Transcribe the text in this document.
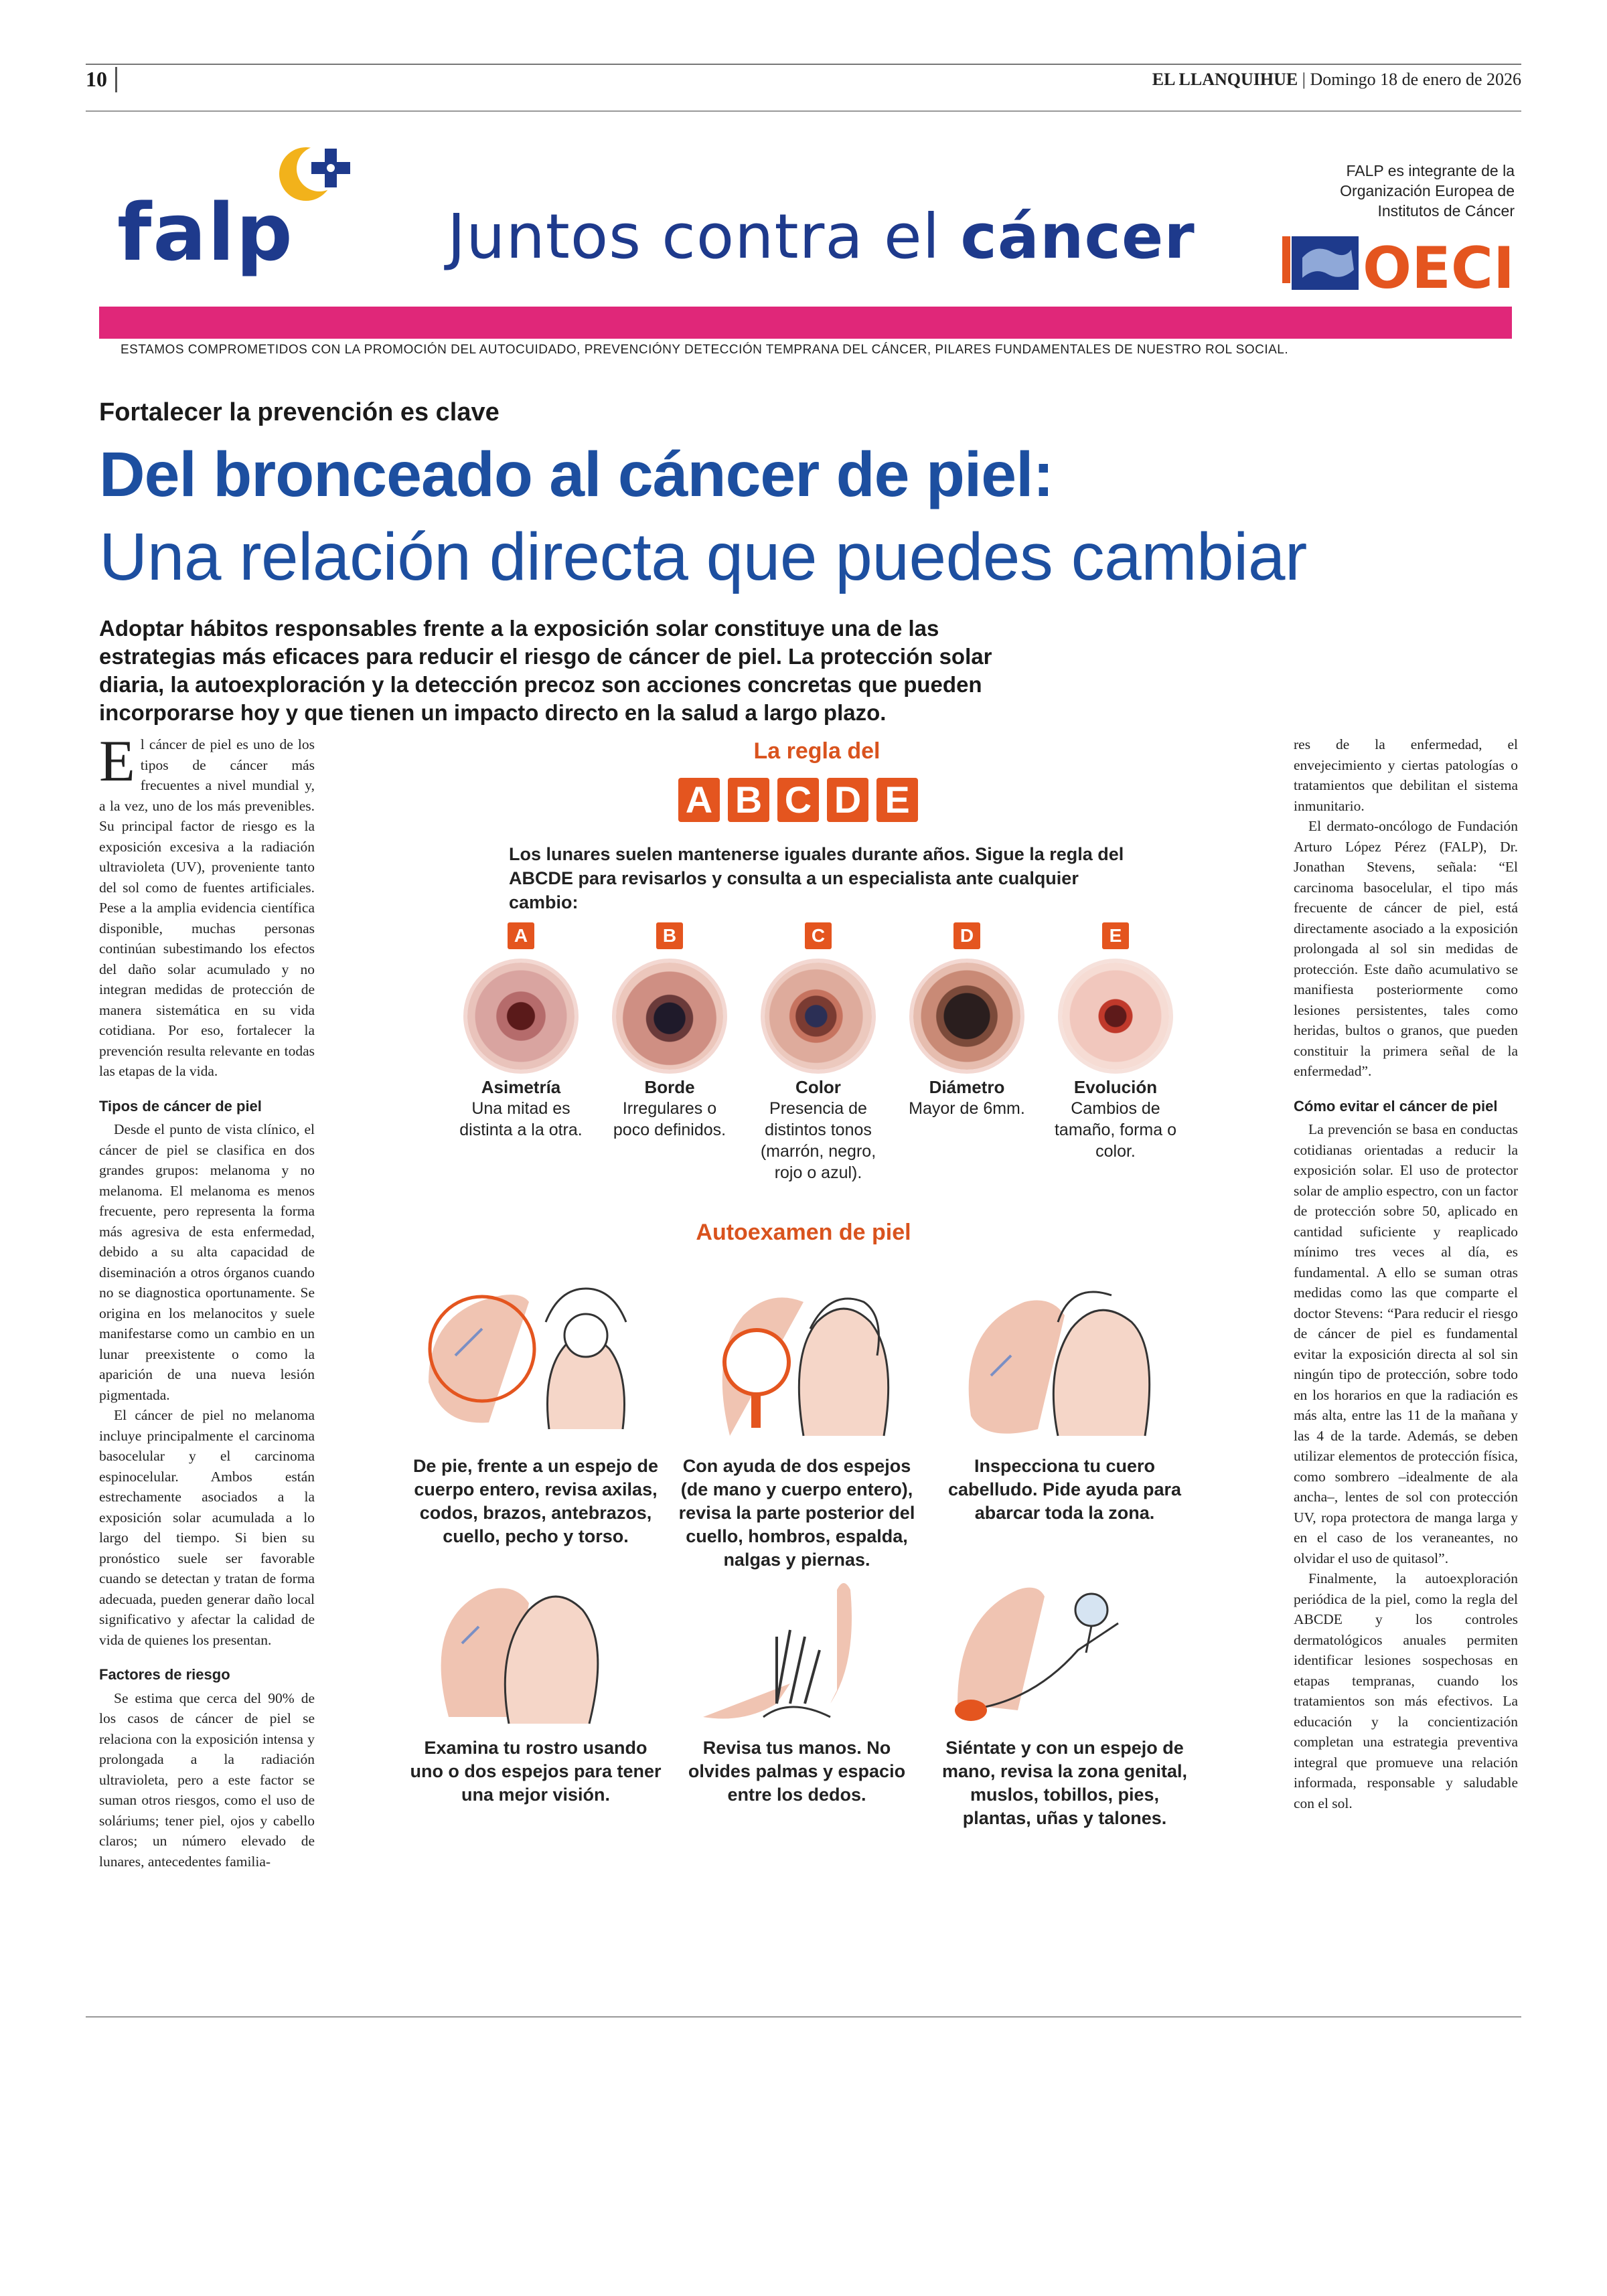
10	EL LLANQUIHUE | Domingo 18 de enero de 2026
falp Juntos contra el cáncer
FALP es integrante de la Organización Europea de Institutos de Cáncer
OECI
ESTAMOS COMPROMETIDOS CON LA PROMOCIÓN DEL AUTOCUIDADO, PREVENCIÓNY DETECCIÓN TEMPRANA DEL CÁNCER, PILARES FUNDAMENTALES DE NUESTRO ROL SOCIAL.
Fortalecer la prevención es clave
Del bronceado al cáncer de piel:
Una relación directa que puedes cambiar
Adoptar hábitos responsables frente a la exposición solar constituye una de las estrategias más eficaces para reducir el riesgo de cáncer de piel. La protección solar diaria, la autoexploración y la detección precoz son acciones concretas que pueden incorporarse hoy y que tienen un impacto directo en la salud a largo plazo.

El cáncer de piel es uno de los tipos de cáncer más frecuentes a nivel mundial y, a la vez, uno de los más prevenibles. Su principal factor de riesgo es la exposición excesiva a la radiación ultravioleta (UV), proveniente tanto del sol como de fuentes artificiales. Pese a la amplia evidencia científica disponible, muchas personas continúan subestimando los efectos del daño solar acumulado y no integran medidas de protección de manera sistemática en su vida cotidiana. Por eso, fortalecer la prevención resulta relevante en todas las etapas de la vida.

Tipos de cáncer de piel

Desde el punto de vista clínico, el cáncer de piel se clasifica en dos grandes grupos: melanoma y no melanoma. El melanoma es menos frecuente, pero representa la forma más agresiva de esta enfermedad, debido a su alta capacidad de diseminación a otros órganos cuando no se diagnostica oportunamente. Se origina en los melanocitos y suele manifestarse como un cambio en un lunar preexistente o como la aparición de una nueva lesión pigmentada.

El cáncer de piel no melanoma incluye principalmente el carcinoma basocelular y el carcinoma espinocelular. Ambos están estrechamente asociados a la exposición solar acumulada a lo largo del tiempo. Si bien su pronóstico suele ser favorable cuando se detectan y tratan de forma adecuada, pueden generar daño local significativo y afectar la calidad de vida de quienes los presentan.

Factores de riesgo

Se estima que cerca del 90% de los casos de cáncer de piel se relaciona con la exposición intensa y prolongada a la radiación ultravioleta, pero a este factor se suman otros riesgos, como el uso de soláriums; tener piel, ojos y cabello claros; un número elevado de lunares, antecedentes familia-

res de la enfermedad, el envejecimiento y ciertas patologías o tratamientos que debilitan el sistema inmunitario.

El dermato-oncólogo de Fundación Arturo López Pérez (FALP), Dr. Jonathan Stevens, señala: “El carcinoma basocelular, el tipo más frecuente de cáncer de piel, está directamente asociado a la exposición prolongada al sol sin medidas de protección. Este daño acumulativo se manifiesta posteriormente como lesiones persistentes, tales como heridas, bultos o granos, que pueden constituir la primera señal de la enfermedad”.

Cómo evitar el cáncer de piel

La prevención se basa en conductas cotidianas orientadas a reducir la exposición solar. El uso de protector solar de amplio espectro, con un factor de protección sobre 50, aplicado en cantidad suficiente y reaplicado mínimo tres veces al día, es fundamental. A ello se suman otras medidas como las que comparte el doctor Stevens: “Para reducir el riesgo de cáncer de piel es fundamental evitar la exposición directa al sol sin ningún tipo de protección, sobre todo en los horarios en que la radiación es más alta, entre las 11 de la mañana y las 4 de la tarde. Además, se deben utilizar elementos de protección física, como sombrero –idealmente de ala ancha–, lentes de sol con protección UV, ropa protectora de manga larga y en el caso de los veraneantes, no olvidar el uso de quitasol”.

Finalmente, la autoexploración periódica de la piel, como la regla del ABCDE y los controles dermatológicos anuales permiten identificar lesiones sospechosas en etapas tempranas, cuando los tratamientos son más efectivos. La educación y la concientización completan una estrategia preventiva integral que promueve una relación informada, responsable y saludable con el sol.

La regla del
A B C D E
Los lunares suelen mantenerse iguales durante años. Sigue la regla del ABCDE para revisarlos y consulta a un especialista ante cualquier cambio:
A
Asimetría
Una mitad es distinta a la otra.
B
Borde
Irregulares o poco definidos.
C
Color
Presencia de distintos tonos (marrón, negro, rojo o azul).
D
Diámetro
Mayor de 6mm.
E
Evolución
Cambios de tamaño, forma o color.
Autoexamen de piel
De pie, frente a un espejo de cuerpo entero, revisa axilas, codos, brazos, antebrazos, cuello, pecho y torso.
Con ayuda de dos espejos (de mano y cuerpo entero), revisa la parte posterior del cuello, hombros, espalda, nalgas y piernas.
Inspecciona tu cuero cabelludo. Pide ayuda para abarcar toda la zona.
Examina tu rostro usando uno o dos espejos para tener una mejor visión.
Revisa tus manos. No olvides palmas y espacio entre los dedos.
Siéntate y con un espejo de mano, revisa la zona genital, muslos, tobillos, pies, plantas, uñas y talones.
